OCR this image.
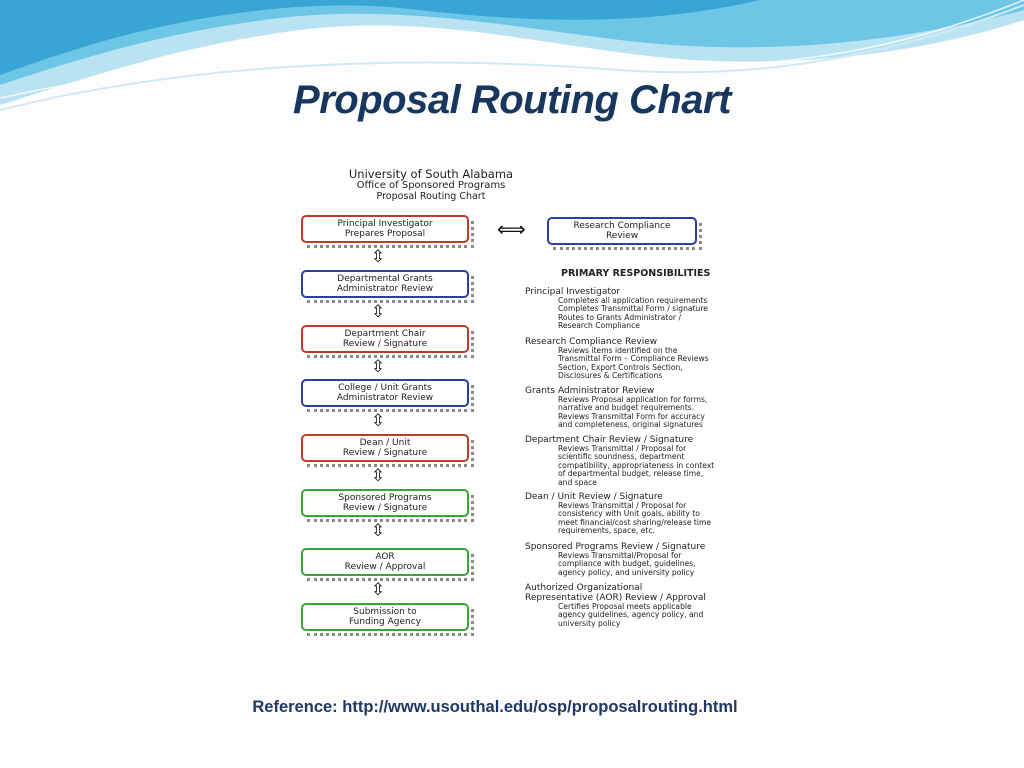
Proposal Routing Chart
University of South Alabama
Office of Sponsored Programs
Proposal Routing Chart
Principal Investigator
Prepares Proposal
⇳
Departmental Grants
Administrator Review
⇳
Department Chair
Review / Signature
⇳
College / Unit Grants
Administrator Review
⇳
Dean / Unit
Review / Signature
⇳
Sponsored Programs
Review / Signature
⇳
AOR
Review / Approval
⇳
Submission to
Funding Agency
⟺	Research Compliance
Review
PRIMARY RESPONSIBILITIES
Principal Investigator
Completes all application requirements
Completes Transmittal Form / signature
Routes to Grants Administrator /
Research Compliance
Research Compliance Review
Reviews items identified on the
Transmittal Form – Compliance Reviews
Section, Export Controls Section,
Disclosures & Certifications
Grants Administrator Review
Reviews Proposal application for forms,
narrative and budget requirements.
Reviews Transmittal Form for accuracy
and completeness, original signatures
Department Chair Review / Signature
Reviews Transmittal / Proposal for
scientific soundness, department
compatibility, appropriateness in context
of departmental budget, release time,
and space
Dean / Unit Review / Signature
Reviews Transmittal / Proposal for
consistency with Unit goals, ability to
meet financial/cost sharing/release time
requirements, space, etc.
Sponsored Programs Review / Signature
Reviews Transmittal/Proposal for
compliance with budget, guidelines,
agency policy, and university policy
Authorized Organizational
Representative (AOR) Review / Approval
Certifies Proposal meets applicable
agency guidelines, agency policy, and
university policy
Reference: http://www.usouthal.edu/osp/proposalrouting.html
